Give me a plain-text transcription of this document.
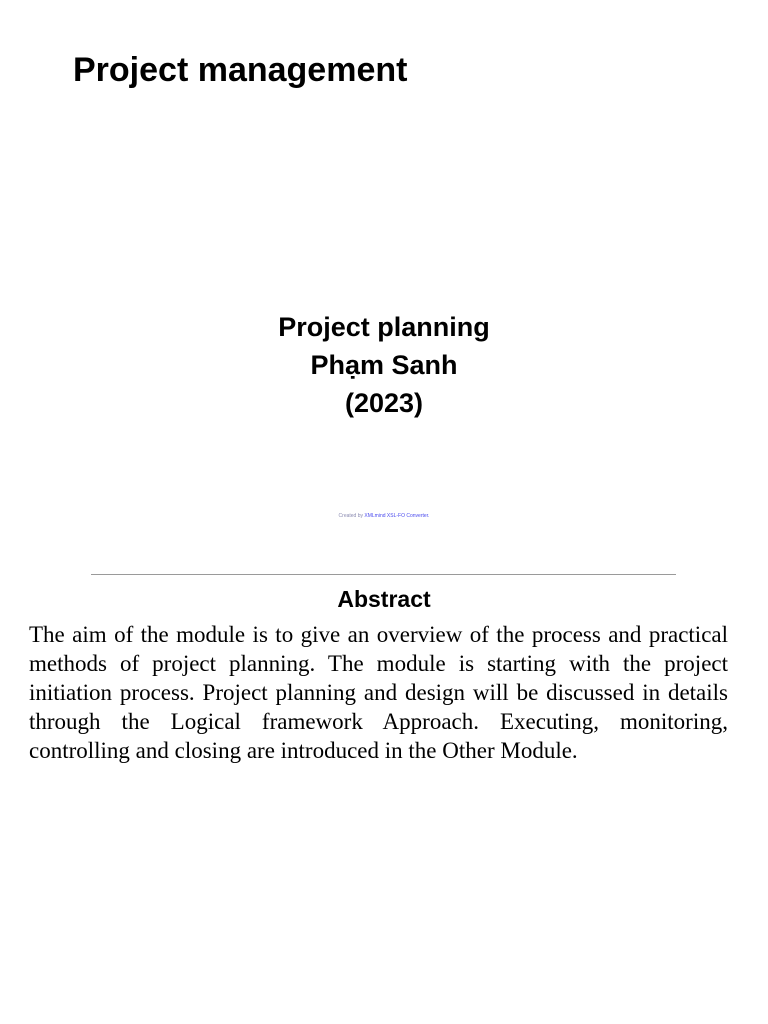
Project management
Project planning
Phạm Sanh
(2023)
Created by XMLmind XSL-FO Converter.
Abstract

The aim of the module is to give an overview of the process and practical methods of project planning. The module is starting with the project initiation process. Project planning and design will be discussed in details through the Logical framework Approach. Executing, monitoring, controlling and closing are introduced in the Other Module.
